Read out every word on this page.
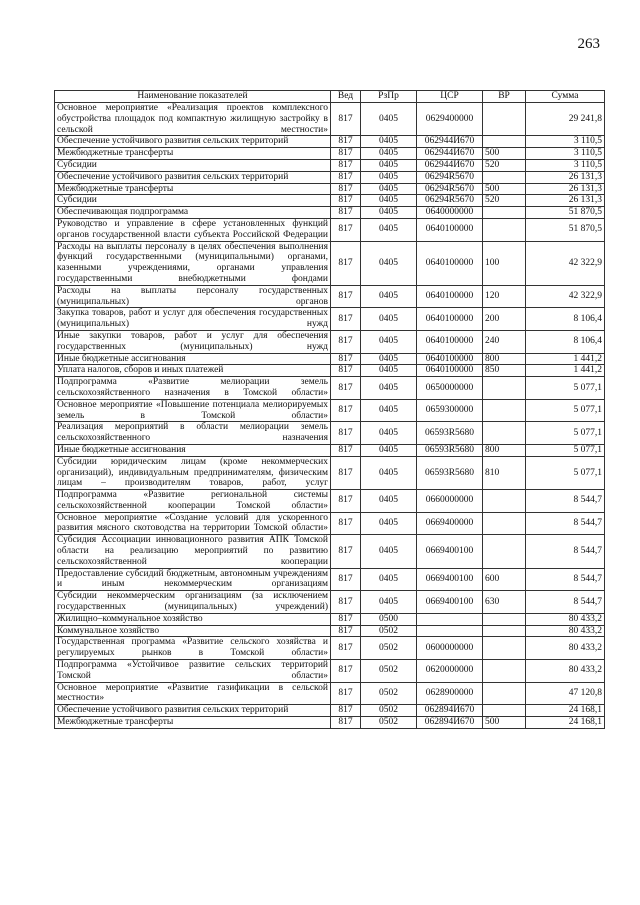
263
Наименование показателей	Вед	РзПр	ЦСР	ВР	Сумма
Основное мероприятие «Реализация проектов комплексного обустройства площадок под компактную жилищную застройку в сельской местности»	817	0405	0629400000		29 241,8
Обеспечение устойчивого развития сельских территорий	817	0405	062944И670		3 110,5
Межбюджетные трансферты	817	0405	062944И670	500	3 110,5
Субсидии	817	0405	062944И670	520	3 110,5
Обеспечение устойчивого развития сельских территорий	817	0405	06294R5670		26 131,3
Межбюджетные трансферты	817	0405	06294R5670	500	26 131,3
Субсидии	817	0405	06294R5670	520	26 131,3
Обеспечивающая подпрограмма	817	0405	0640000000		51 870,5
Руководство и управление в сфере установленных функций органов государственной власти субъекта Российской Федерации	817	0405	0640100000		51 870,5
Расходы на выплаты персоналу в целях обеспечения выполнения функций государственными (муниципальными) органами, казенными учреждениями, органами управления государственными внебюджетными фондами	817	0405	0640100000	100	42 322,9
Расходы на выплаты персоналу государственных (муниципальных) органов	817	0405	0640100000	120	42 322,9
Закупка товаров, работ и услуг для обеспечения государственных (муниципальных) нужд	817	0405	0640100000	200	8 106,4
Иные закупки товаров, работ и услуг для обеспечения государственных (муниципальных) нужд	817	0405	0640100000	240	8 106,4
Иные бюджетные ассигнования	817	0405	0640100000	800	1 441,2
Уплата налогов, сборов и иных платежей	817	0405	0640100000	850	1 441,2
Подпрограмма «Развитие мелиорации земель сельскохозяйственного назначения в Томской области»	817	0405	0650000000		5 077,1
Основное мероприятие «Повышение потенциала мелиорируемых земель в Томской области»	817	0405	0659300000		5 077,1
Реализация мероприятий в области мелиорации земель сельскохозяйственного назначения	817	0405	06593R5680		5 077,1
Иные бюджетные ассигнования	817	0405	06593R5680	800	5 077,1
Субсидии юридическим лицам (кроме некоммерческих организаций), индивидуальным предпринимателям, физическим лицам – производителям товаров, работ, услуг	817	0405	06593R5680	810	5 077,1
Подпрограмма «Развитие региональной системы сельскохозяйственной кооперации Томской области»	817	0405	0660000000		8 544,7
Основное мероприятие «Создание условий для ускоренного развития мясного скотоводства на территории Томской области»	817	0405	0669400000		8 544,7
Субсидия Ассоциации инновационного развития АПК Томской области на реализацию мероприятий по развитию сельскохозяйственной кооперации	817	0405	0669400100		8 544,7
Предоставление субсидий бюджетным, автономным учреждениям и иным некоммерческим организациям	817	0405	0669400100	600	8 544,7
Субсидии некоммерческим организациям (за исключением государственных (муниципальных) учреждений)	817	0405	0669400100	630	8 544,7
Жилищно–коммунальное хозяйство	817	0500			80 433,2
Коммунальное хозяйство	817	0502			80 433,2
Государственная программа «Развитие сельского хозяйства и регулируемых рынков в Томской области»	817	0502	0600000000		80 433,2
Подпрограмма «Устойчивое развитие сельских территорий Томской области»	817	0502	0620000000		80 433,2
Основное мероприятие «Развитие газификации в сельской местности»	817	0502	0628900000		47 120,8
Обеспечение устойчивого развития сельских территорий	817	0502	062894И670		24 168,1
Межбюджетные трансферты	817	0502	062894И670	500	24 168,1
